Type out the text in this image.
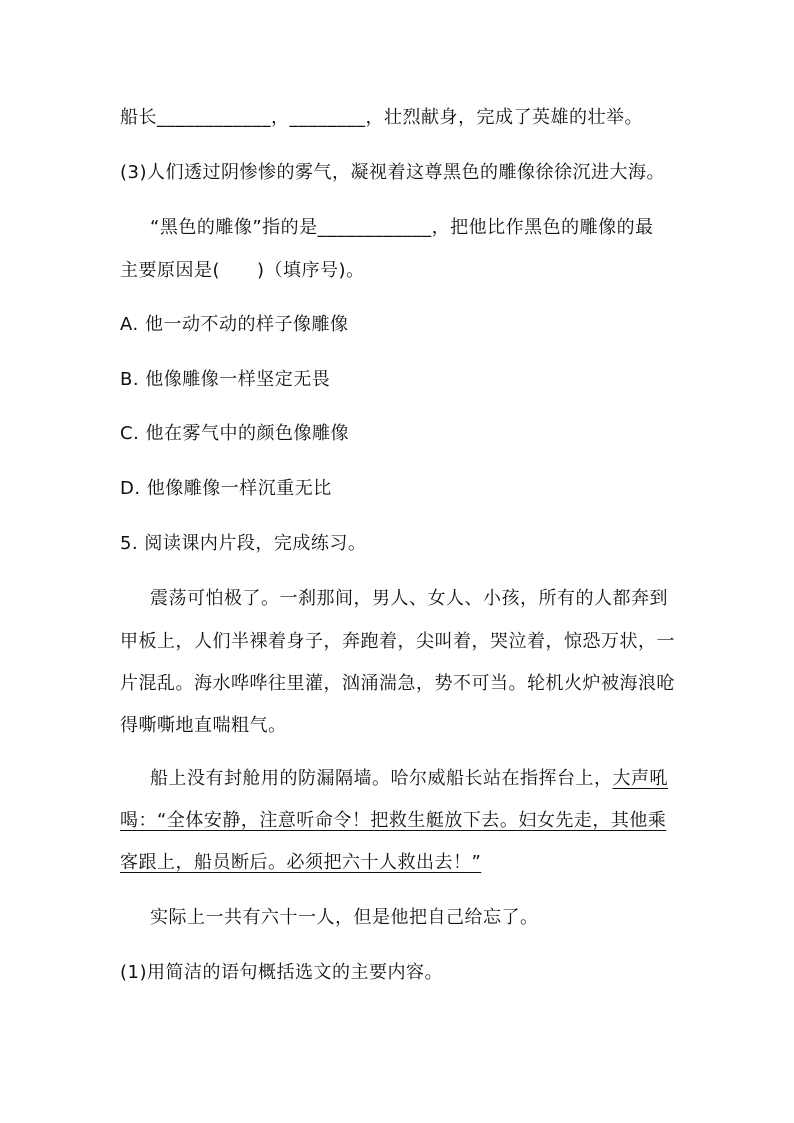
船长____________，________，壮烈献身，完成了英雄的壮举。
(3)人们透过阴惨惨的雾气，凝视着这尊黑色的雕像徐徐沉进大海。
“黑色的雕像”指的是____________，把他比作黑色的雕像的最
主要原因是(　　)（填序号)。
A. 他一动不动的样子像雕像
B. 他像雕像一样坚定无畏
C. 他在雾气中的颜色像雕像
D. 他像雕像一样沉重无比
5. 阅读课内片段，完成练习。
震荡可怕极了。一刹那间，男人、女人、小孩，所有的人都奔到
甲板上，人们半裸着身子，奔跑着，尖叫着，哭泣着，惊恐万状，一
片混乱。海水哗哗往里灌，汹涌湍急，势不可当。轮机火炉被海浪呛
得嘶嘶地直喘粗气。
船上没有封舱用的防漏隔墙。哈尔威船长站在指挥台上，大声吼
喝：“全体安静，注意听命令！把救生艇放下去。妇女先走，其他乘
客跟上，船员断后。必须把六十人救出去！”
实际上一共有六十一人，但是他把自己给忘了。
(1)用简洁的语句概括选文的主要内容。
